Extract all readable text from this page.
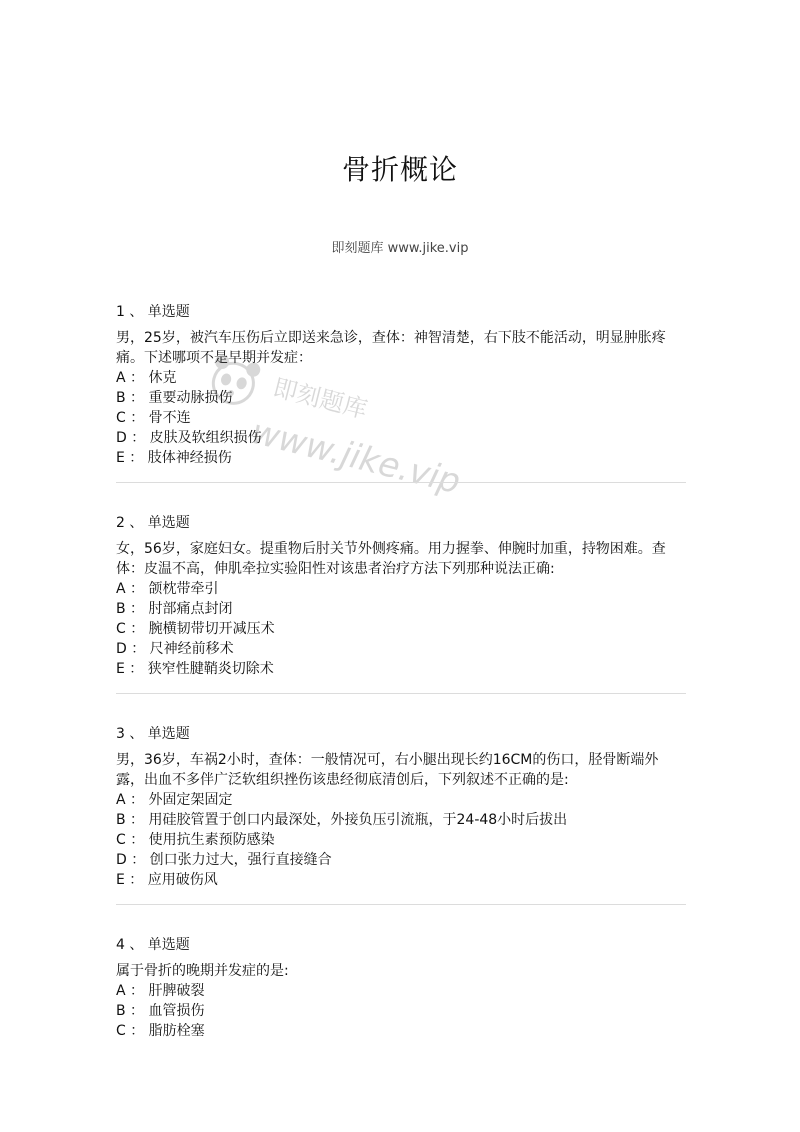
骨折概论
即刻题库 www.jike.vip
即刻题库
www.jike.vip
1 、 单选题

男，25岁，被汽车压伤后立即送来急诊，查体：神智清楚，右下肢不能活动，明显肿胀疼痛。下述哪项不是早期并发症：

A ： 休克
B ： 重要动脉损伤
C ： 骨不连
D ： 皮肤及软组织损伤
E ： 肢体神经损伤
2 、 单选题

女，56岁，家庭妇女。提重物后肘关节外侧疼痛。用力握拳、伸腕时加重，持物困难。查体：皮温不高，伸肌牵拉实验阳性对该患者治疗方法下列那种说法正确:

A ： 颌枕带牵引
B ： 肘部痛点封闭
C ： 腕横韧带切开减压术
D ： 尺神经前移术
E ： 狭窄性腱鞘炎切除术
3 、 单选题

男，36岁，车祸2小时，查体：一般情况可，右小腿出现长约16CM的伤口，胫骨断端外露，出血不多伴广泛软组织挫伤该患经彻底清创后，下列叙述不正确的是:

A ： 外固定架固定
B ： 用硅胶管置于创口内最深处，外接负压引流瓶，于24-48小时后拔出
C ： 使用抗生素预防感染
D ： 创口张力过大，强行直接缝合
E ： 应用破伤风
4 、 单选题

属于骨折的晚期并发症的是:

A ： 肝脾破裂
B ： 血管损伤
C ： 脂肪栓塞
